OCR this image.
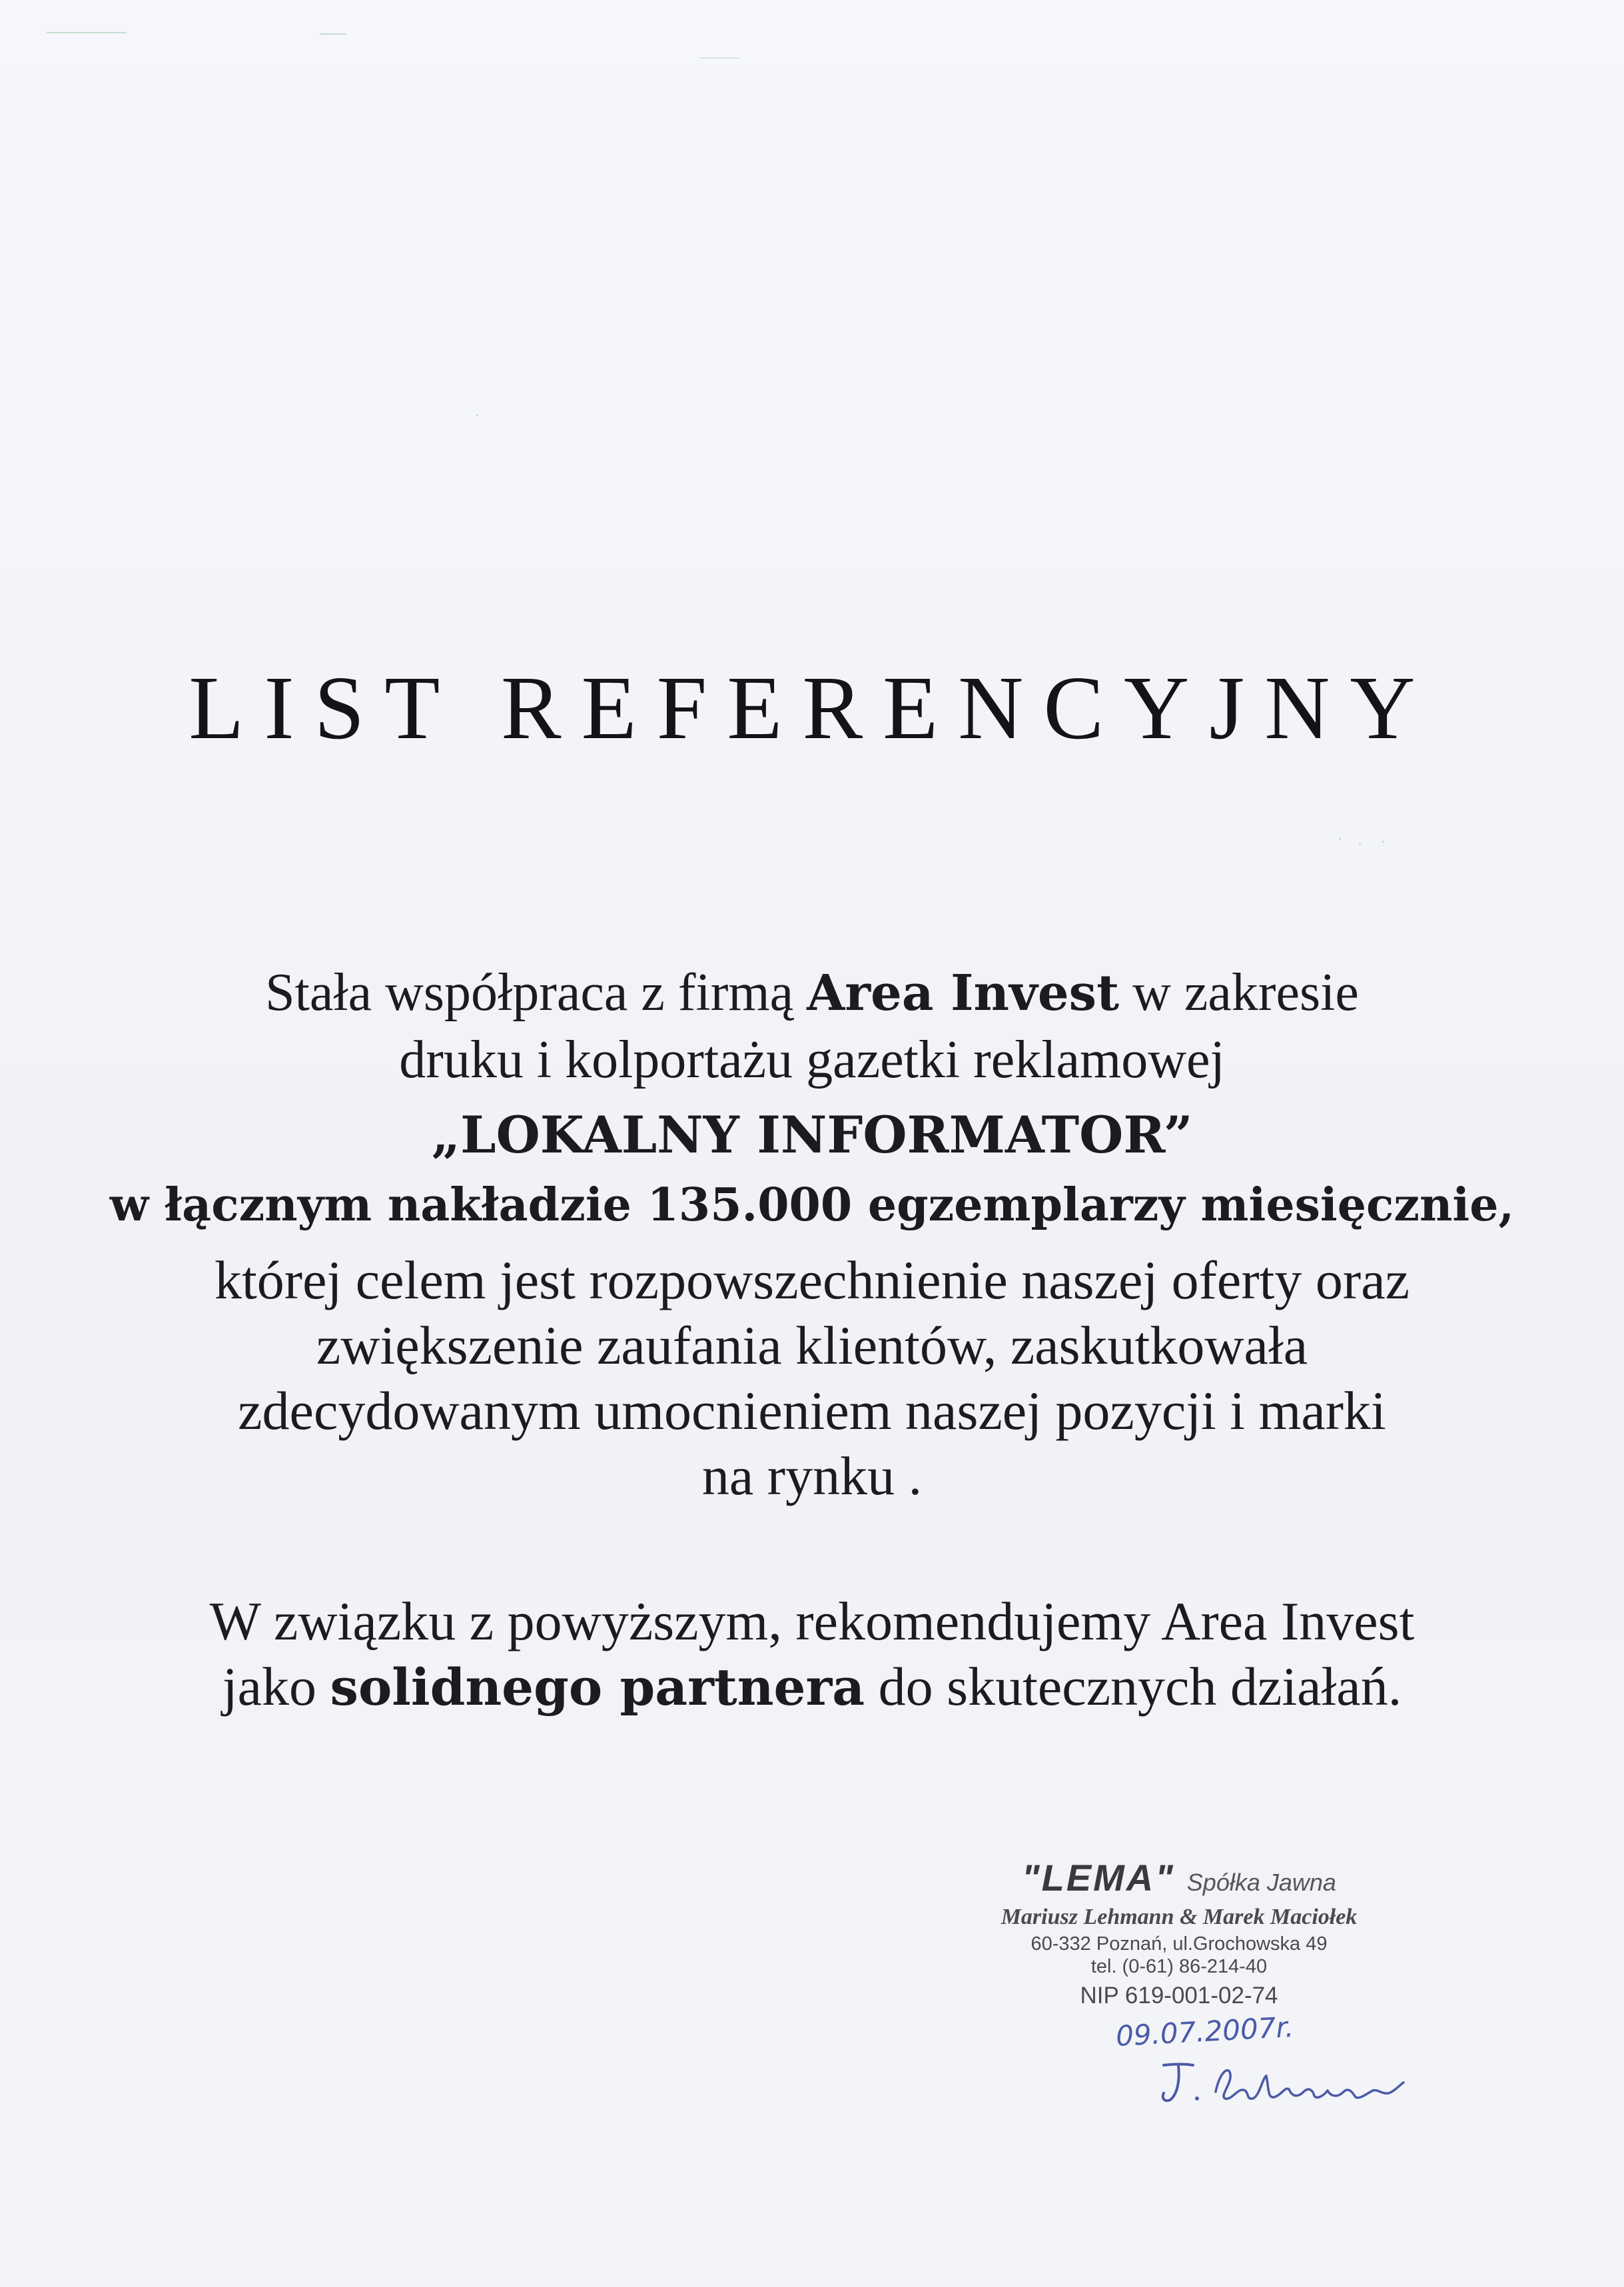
LIST REFERENCYJNY
Stała współpraca z firmą Area Invest w zakresie
druku i kolportażu gazetki reklamowej
„LOKALNY INFORMATOR”
w łącznym nakładzie 135.000 egzemplarzy miesięcznie,
której celem jest rozpowszechnienie naszej oferty oraz
zwiększenie zaufania klientów, zaskutkowała
zdecydowanym umocnieniem naszej pozycji i marki
na rynku .
W związku z powyższym, rekomendujemy Area Invest
jako solidnego partnera do skutecznych działań.
"LEMA" Spółka Jawna
Mariusz Lehmann & Marek Maciołek
60-332 Poznań, ul.Grochowska 49
tel. (0-61) 86-214-40
NIP 619-001-02-74
09.07.2007r.
